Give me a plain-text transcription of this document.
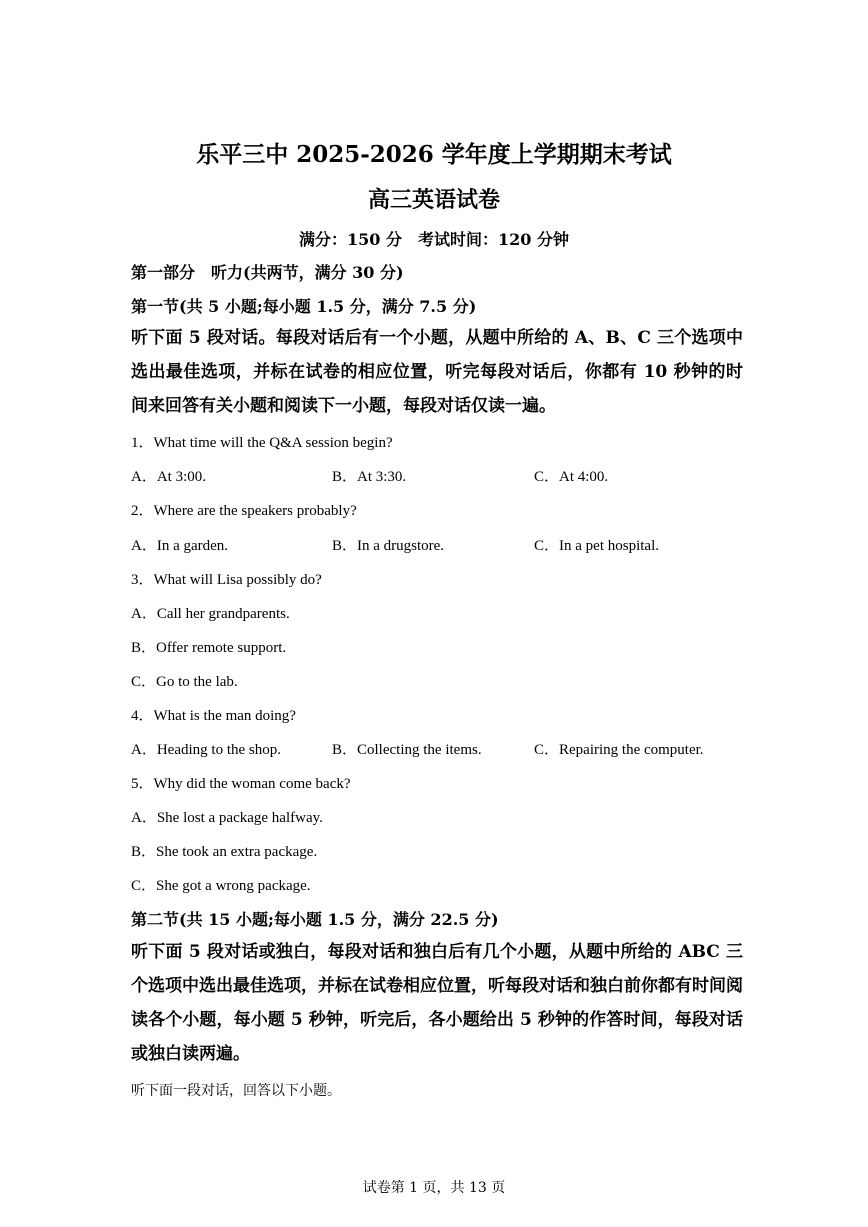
乐平三中 2025-2026 学年度上学期期末考试
高三英语试卷
满分：150 分　考试时间：120 分钟
第一部分　听力(共两节，满分 30 分)
第一节(共 5 小题;每小题 1.5 分，满分 7.5 分)
听下面 5 段对话。每段对话后有一个小题，从题中所给的 A、B、C 三个选项中选出最佳选项，并标在试卷的相应位置，听完每段对话后，你都有 10 秒钟的时间来回答有关小题和阅读下一小题，每段对话仅读一遍。
1．What time will the Q&A session begin?
A．At 3:00.	B．At 3:30.	C．At 4:00.
2．Where are the speakers probably?
A．In a garden.	B．In a drugstore.	C．In a pet hospital.
3．What will Lisa possibly do?
A．Call her grandparents.
B．Offer remote support.
C．Go to the lab.
4．What is the man doing?
A．Heading to the shop.	B．Collecting the items.	C．Repairing the computer.
5．Why did the woman come back?
A．She lost a package halfway.
B．She took an extra package.
C．She got a wrong package.
第二节(共 15 小题;每小题 1.5 分，满分 22.5 分)
听下面 5 段对话或独白，每段对话和独白后有几个小题，从题中所给的 ABC 三个选项中选出最佳选项，并标在试卷相应位置，听每段对话和独白前你都有时间阅读各个小题，每小题 5 秒钟，听完后，各小题给出 5 秒钟的作答时间，每段对话或独白读两遍。
听下面一段对话，回答以下小题。
试卷第 1 页，共 13 页
